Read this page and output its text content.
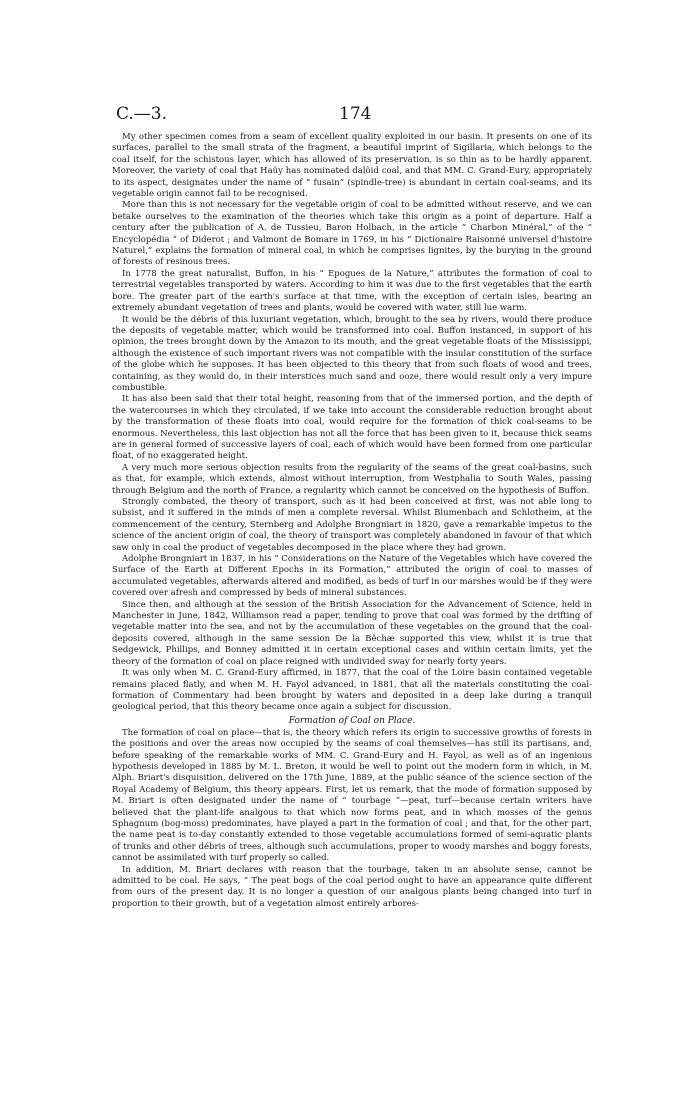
C.—3.	174

My other specimen comes from a seam of excellent quality exploited in our basin. It presents on one of its surfaces, parallel to the small strata of the fragment, a beautiful imprint of Sigillaria, which belongs to the coal itself, for the schistous layer, which has allowed of its preservation, is so thin as to be hardly apparent. Moreover, the variety of coal that Haüy has nominated dalöid coal, and that MM. C. Grand-Eury, appropriately to its aspect, designates under the name of “ fusain” (spindle-tree) is abundant in certain coal-seams, and its vegetable origin cannot fail to be recognised.

More than this is not necessary for the vegetable origin of coal to be admitted without reserve, and we can betake ourselves to the examination of the theories which take this origin as a point of departure. Half a century after the publication of A. de Tussieu, Baron Holbach, in the article “ Charbon Minéral,” of the “ Encyclopédia ” of Diderot ; and Valmont de Bomare in 1769, in his “ Dictionaire Raisonné universel d'histoire Naturel,” explains the formation of mineral coal, in which he comprises lignites, by the burying in the ground of forests of resinous trees.

In 1778 the great naturalist, Buffon, in his “ Epogues de la Nature,” attributes the formation of coal to terrestrial vegetables transported by waters. According to him it was due to the first vegetables that the earth bore. The greater part of the earth's surface at that time, with the exception of certain isles, bearing an extremely abundant vegetation of trees and plants, would be covered with water, still lue warm.

It would be the débris of this luxuriant vegetation, which, brought to the sea by rivers, would there produce the deposits of vegetable matter, which would be transformed into coal. Buffon instanced, in support of his opinion, the trees brought down by the Amazon to its mouth, and the great vegetable floats of the Mississippi, although the existence of such important rivers was not compatible with the insular constitution of the surface of the globe which he supposes. It has been objected to this theory that from such floats of wood and trees, containing, as they would do, in their interstices much sand and ooze, there would result only a very impure combustible.

It has also been said that their total height, reasoning from that of the immersed portion, and the depth of the watercourses in which they circulated, if we take into account the considerable reduction brought about by the transformation of these floats into coal, would require for the formation of thick coal-seams to be enormous. Nevertheless, this last objection has not all the force that has been given to it, because thick seams are in general formed of successive layers of coal, each of which would have been formed from one particular float, of no exaggerated height.

A very much more serious objection results from the regularity of the seams of the great coal-basins, such as that, for example, which extends, almost without interruption, from Westphalia to South Wales, passing through Belgium and the north of France, a regularity which cannot be conceived on the hypothesis of Buffon.

Strongly combated, the theory of transport, such as it had been conceived at first, was not able long to subsist, and it suffered in the minds of men a complete reversal. Whilst Blumenbach and Schlotheim, at the commencement of the century, Sternberg and Adolphe Brongniart in 1820, gave a remarkable impetus to the science of the ancient origin of coal, the theory of transport was completely abandoned in favour of that which saw only in coal the product of vegetables decomposed in the place where they had grown.

Adolphe Brongniart in 1837, in his “ Considerations on the Nature of the Vegetables which have covered the Surface of the Earth at Different Epochs in its Formation,” attributed the origin of coal to masses of accumulated vegetables, afterwards altered and modified, as beds of turf in our marshes would be if they were covered over afresh and compressed by beds of mineral substances.

Since then, and although at the session of the British Association for the Advancement of Science, held in Manchester in June, 1842, Williamson read a paper, tending to prove that coal was formed by the drifting of vegetable matter into the sea, and not by the accumulation of these vegetables on the ground that the coal-deposits covered, although in the same session De la Bêchæ supported this view, whilst it is true that Sedgewick, Phillips, and Bonney admitted it in certain exceptional cases and within certain limits, yet the theory of the formation of coal on place reigned with undivided sway for nearly forty years.

It was only when M. C. Grand-Eury affirmed, in 1877, that the coal of the Loire basin contained vegetable remains placed flatly, and when M. H. Fayol advanced, in 1881, that all the materials constituting the coal-formation of Commentary had been brought by waters and deposited in a deep lake during a tranquil geological period, that this theory became once again a subject for discussion.

Formation of Coal on Place.

The formation of coal on place—that is, the theory which refers its origin to successive growths of forests in the positions and over the areas now occupied by the seams of coal themselves—has still its partisans, and, before speaking of the remarkable works of MM. C. Grand-Eury and H. Fayol, as well as of an ingenious hypothesis developed in 1885 by M. L. Breton, it would be well to point out the modern form in which, in M. Alph. Briart's disquisition, delivered on the 17th June, 1889, at the public séance of the science section of the Royal Academy of Belgium, this theory appears. First, let us remark, that the mode of formation supposed by M. Briart is often designated under the name of “ tourbage ”—peat, turf—because certain writers have believed that the plant-life analgous to that which now forms peat, and in which mosses of the genus Sphagnum (bog-moss) predominates, have played a part in the formation of coal ; and that, for the other part, the name peat is to-day constantly extended to those vegetable accumulations formed of semi-aquatic plants of trunks and other débris of trees, although such accumulations, proper to woody marshes and boggy forests, cannot be assimilated with turf properly so called.

In addition, M. Briart declares with reason that the tourbage, taken in an absolute sense, cannot be admitted to be coal. He says, “ The peat bogs of the coal period ought to have an appearance quite different from ours of the present day. It is no longer a question of our analgous plants being changed into turf in proportion to their growth, but of a vegetation almost entirely arbores-
